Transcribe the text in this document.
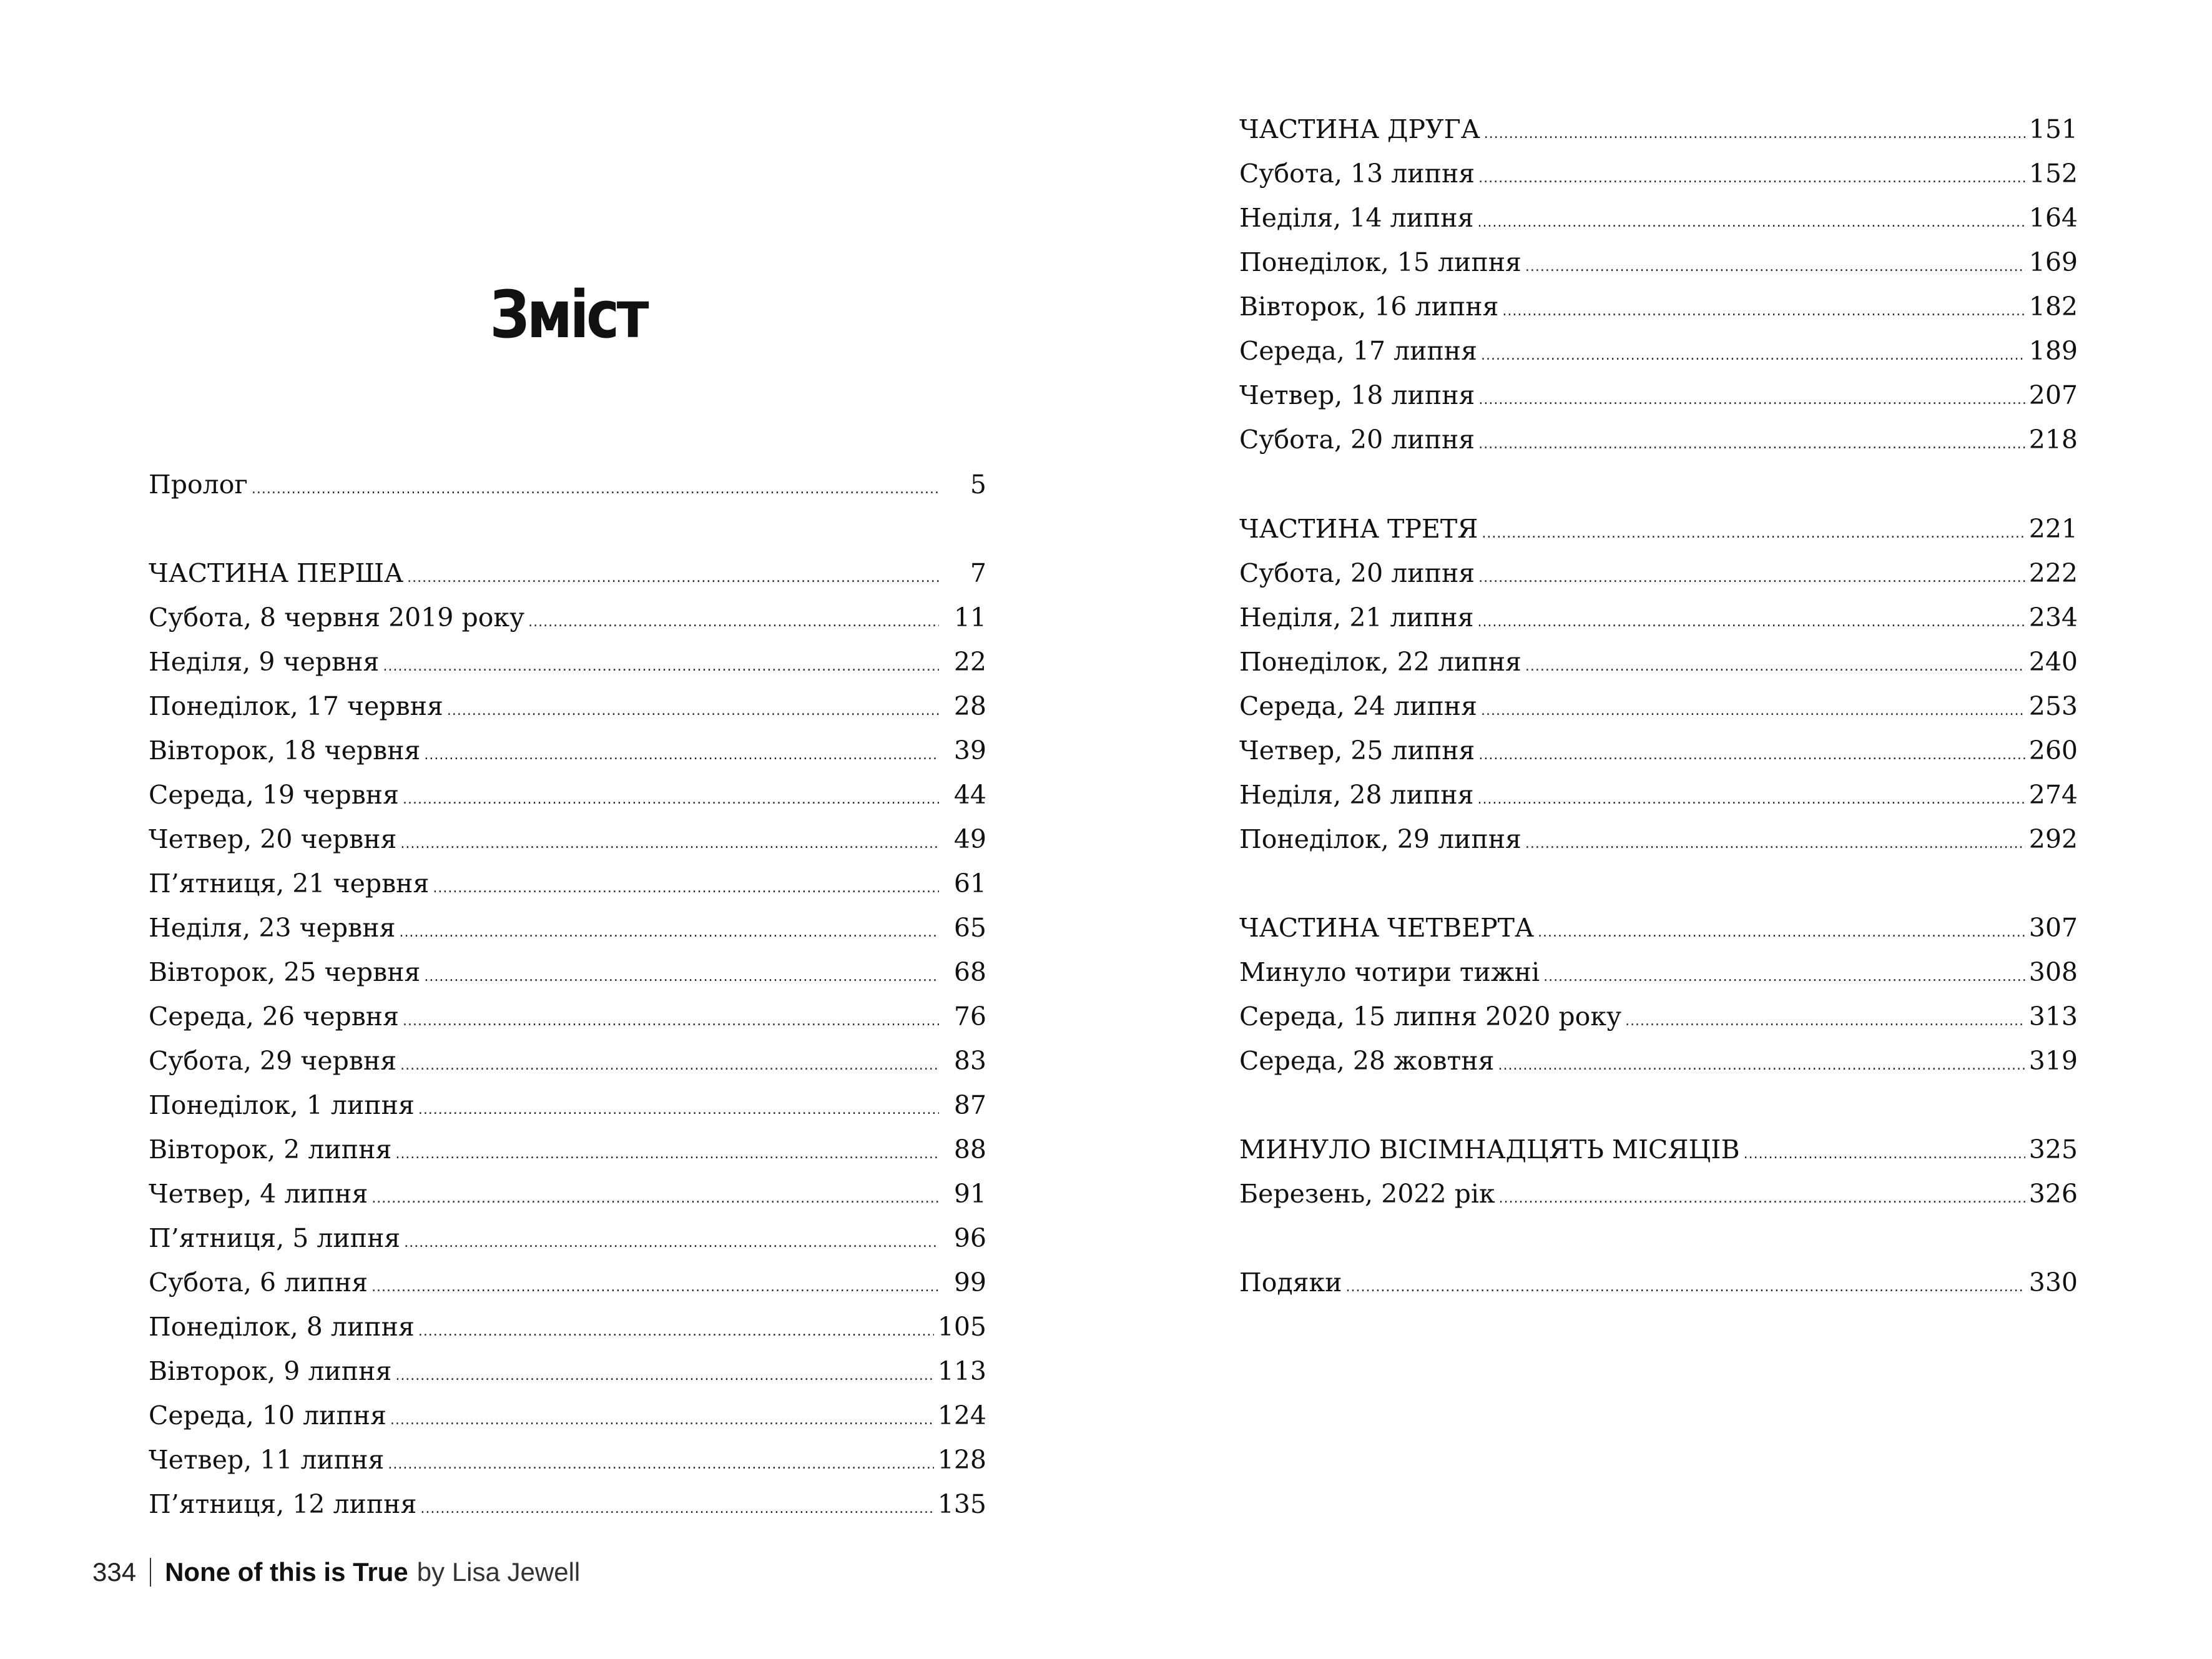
Зміст
Пролог . . .	5
ЧАСТИНА ПЕРША . . .	7
Субота, 8 червня 2019 року . . .	11
Неділя, 9 червня . . .	22
Понеділок, 17 червня . . .	28
Вівторок, 18 червня . . .	39
Середа, 19 червня . . .	44
Четвер, 20 червня . . .	49
П’ятниця, 21 червня . . .	61
Неділя, 23 червня . . .	65
Вівторок, 25 червня . . .	68
Середа, 26 червня . . .	76
Субота, 29 червня . . .	83
Понеділок, 1 липня . . .	87
Вівторок, 2 липня . . .	88
Четвер, 4 липня . . .	91
П’ятниця, 5 липня . . .	96
Субота, 6 липня . . .	99
Понеділок, 8 липня . . .	105
Вівторок, 9 липня . . .	113
Середа, 10 липня . . .	124
Четвер, 11 липня . . .	128
П’ятниця, 12 липня . . .	135
ЧАСТИНА ДРУГА . . .	151
Субота, 13 липня . . .	152
Неділя, 14 липня . . .	164
Понеділок, 15 липня . . .	169
Вівторок, 16 липня . . .	182
Середа, 17 липня . . .	189
Четвер, 18 липня . . .	207
Субота, 20 липня . . .	218
ЧАСТИНА ТРЕТЯ . . .	221
Субота, 20 липня . . .	222
Неділя, 21 липня . . .	234
Понеділок, 22 липня . . .	240
Середа, 24 липня . . .	253
Четвер, 25 липня . . .	260
Неділя, 28 липня . . .	274
Понеділок, 29 липня . . .	292
ЧАСТИНА ЧЕТВЕРТА . . .	307
Минуло чотири тижні . . .	308
Середа, 15 липня 2020 року . . .	313
Середа, 28 жовтня . . .	319
МИНУЛО ВІСІМНАДЦЯТЬ МІСЯЦІВ . . .	325
Березень, 2022 рік . . .	326
Подяки . . .	330
334 None of this is True by Lisa Jewell
